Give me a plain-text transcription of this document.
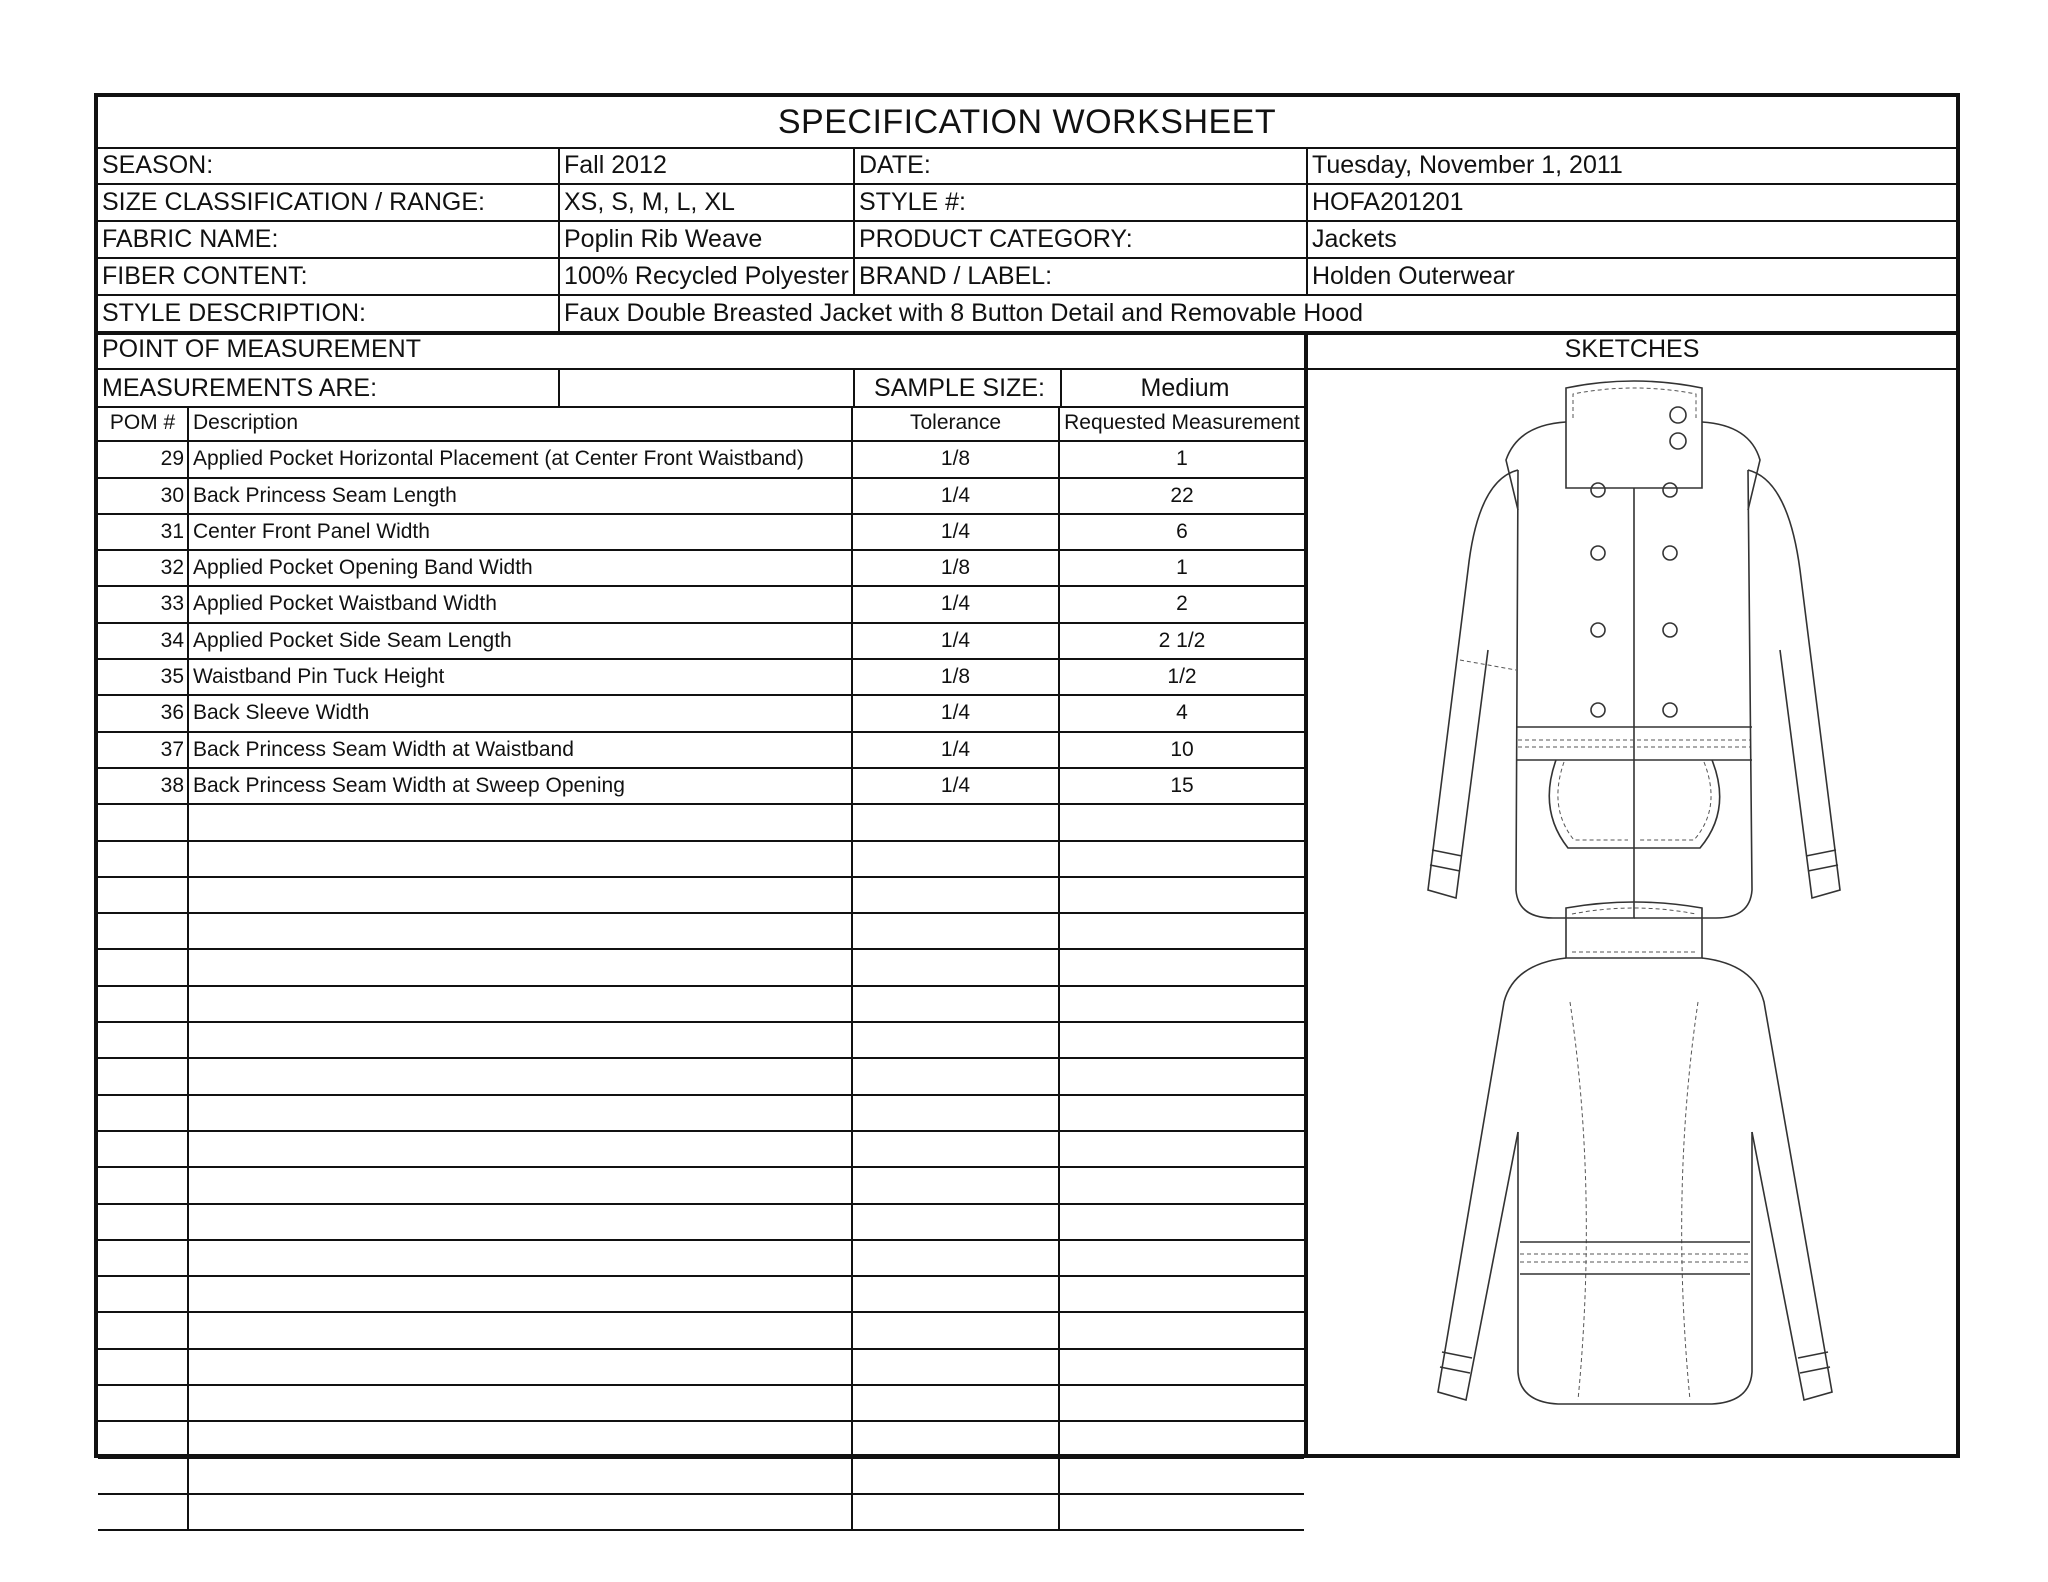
SPECIFICATION WORKSHEET
SEASON:	Fall 2012	DATE:	Tuesday, November 1, 2011
SIZE CLASSIFICATION / RANGE:	XS, S, M, L, XL	STYLE #:	HOFA201201
FABRIC NAME:	Poplin Rib Weave	PRODUCT CATEGORY:	Jackets
FIBER CONTENT:	100% Recycled Polyester BRAND / LABEL:	Holden Outerwear
STYLE DESCRIPTION:	Faux Double Breasted Jacket with 8 Button Detail and Removable Hood
POINT OF MEASUREMENT
MEASUREMENTS ARE:	SAMPLE SIZE:	Medium
POM # Description	Tolerance	Requested Measurement
29 Applied Pocket Horizontal Placement (at Center Front Waistband)	1/8	1
30 Back Princess Seam Length	1/4	22
31 Center Front Panel Width	1/4	6
32 Applied Pocket Opening Band Width	1/8	1
33 Applied Pocket Waistband Width	1/4	2
34 Applied Pocket Side Seam Length	1/4	2 1/2
35 Waistband Pin Tuck Height	1/8	1/2
36 Back Sleeve Width	1/4	4
37 Back Princess Seam Width at Waistband	1/4	10
38 Back Princess Seam Width at Sweep Opening	1/4	15
SKETCHES
